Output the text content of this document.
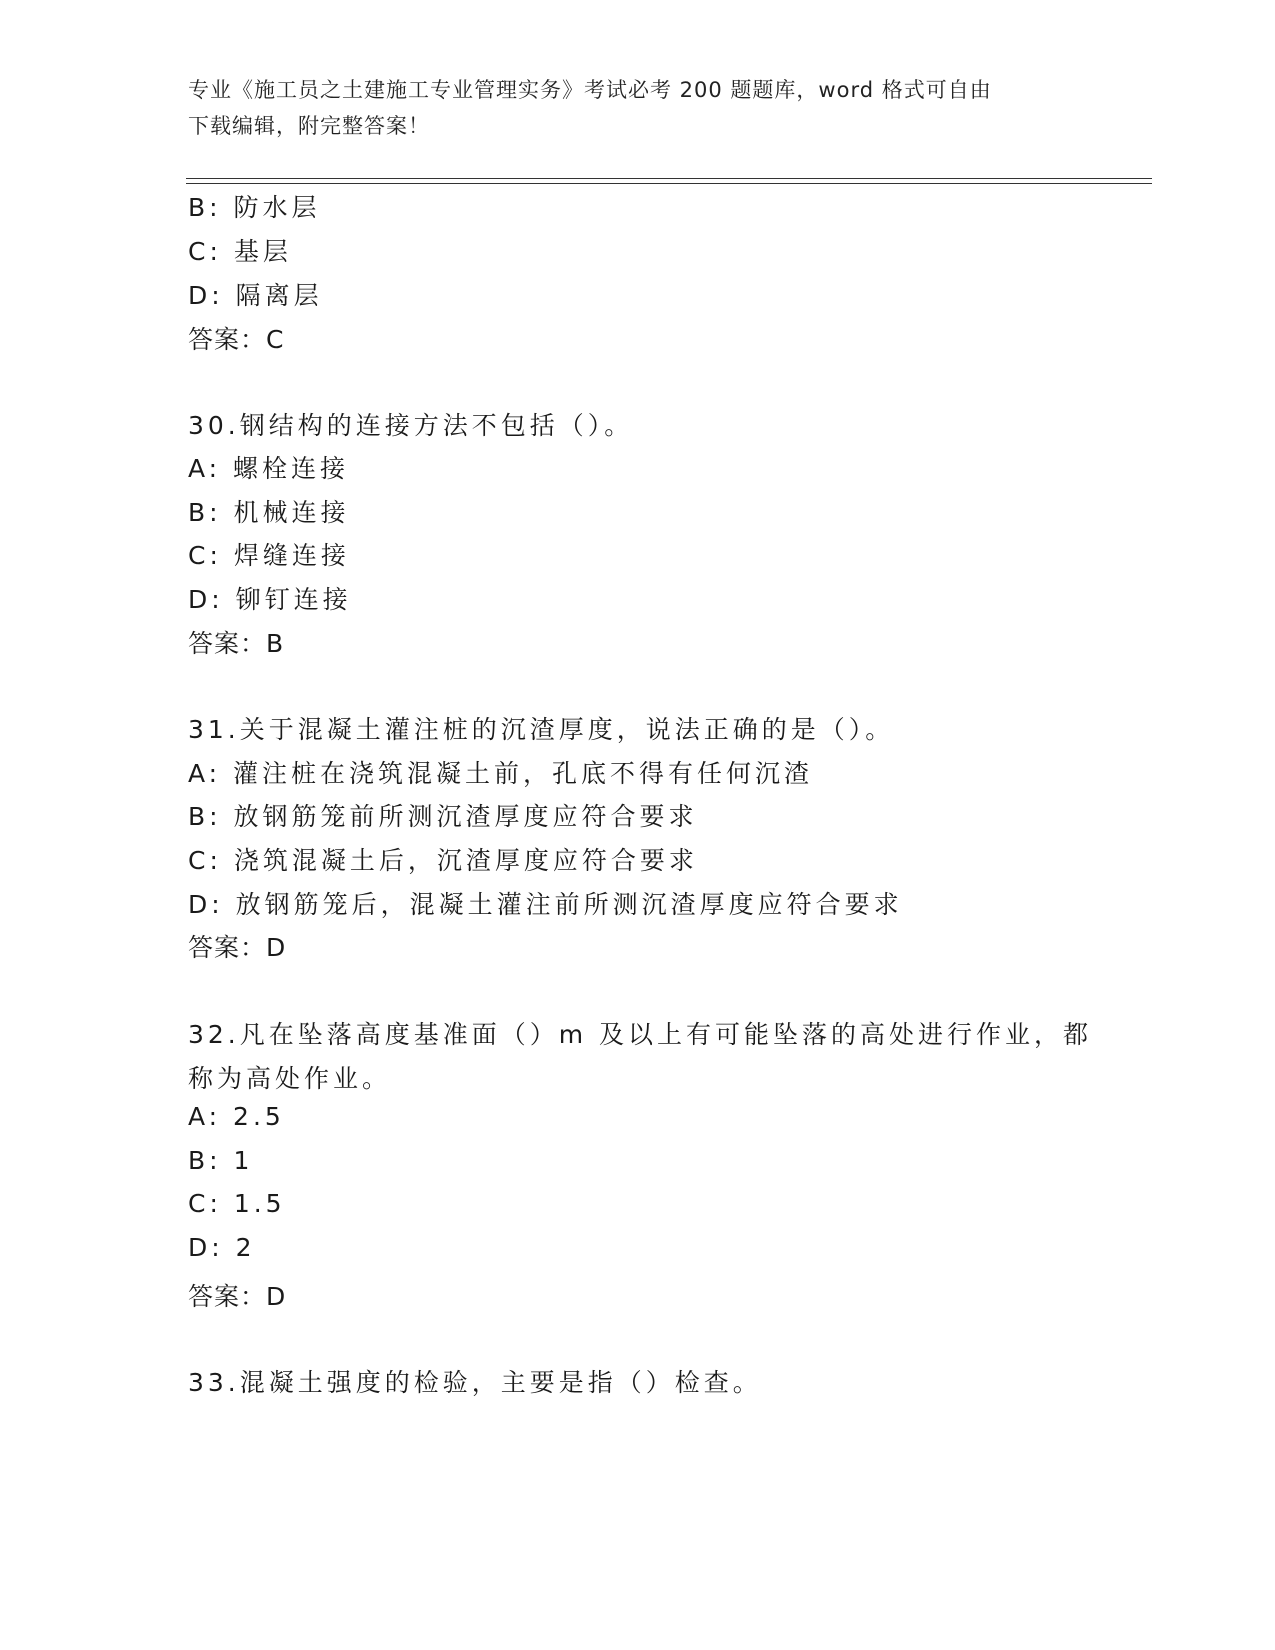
专业《施工员之土建施工专业管理实务》考试必考 200 题题库，word 格式可自由
下载编辑，附完整答案！
B: 防水层
C: 基层
D: 隔离层
答案：C
30.钢结构的连接方法不包括（）。
A: 螺栓连接
B: 机械连接
C: 焊缝连接
D: 铆钉连接
答案：B
31.关于混凝土灌注桩的沉渣厚度，说法正确的是（）。
A: 灌注桩在浇筑混凝土前，孔底不得有任何沉渣
B: 放钢筋笼前所测沉渣厚度应符合要求
C: 浇筑混凝土后，沉渣厚度应符合要求
D: 放钢筋笼后，混凝土灌注前所测沉渣厚度应符合要求
答案：D
32.凡在坠落高度基准面（）m 及以上有可能坠落的高处进行作业，都
称为高处作业。
A: 2.5
B: 1
C: 1.5
D: 2
答案：D
33.混凝土强度的检验，主要是指（）检查。
